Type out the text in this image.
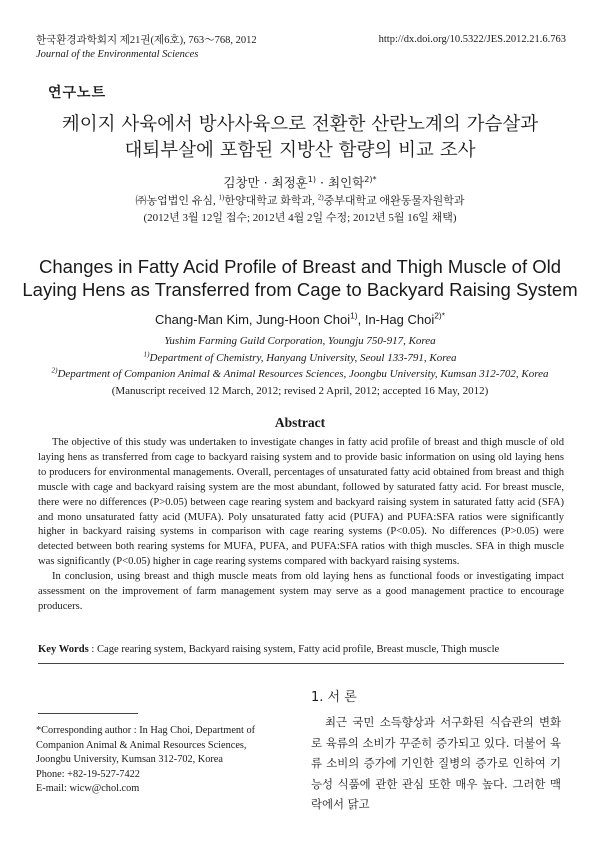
한국환경과학회지 제21권(제6호), 763～768, 2012
Journal of the Environmental Sciences
http://dx.doi.org/10.5322/JES.2012.21.6.763
연구노트
케이지 사육에서 방사사육으로 전환한 산란노계의 가슴살과
대퇴부살에 포함된 지방산 함량의 비교 조사
김창만 · 최정훈$^{1)}$ · 최인학$^{2)*}$
㈜농업법인 유심, $^{1)}$한양대학교 화학과, $^{2)}$중부대학교 애완동물자원학과
(2012년 3월 12일 접수; 2012년 4월 2일 수정; 2012년 5월 16일 채택)
Changes in Fatty Acid Profile of Breast and Thigh Muscle of Old
Laying Hens as Transferred from Cage to Backyard Raising System
Chang-Man Kim, Jung-Hoon Choi$^{1)}$, In-Hag Choi$^{2)*}$
Yushim Farming Guild Corporation, Youngju 750-917, Korea
$^{1)}$Department of Chemistry, Hanyang University, Seoul 133-791, Korea
$^{2)}$Department of Companion Animal & Animal Resources Sciences, Joongbu University, Kumsan 312-702, Korea
(Manuscript received 12 March, 2012; revised 2 April, 2012; accepted 16 May, 2012)
Abstract

The objective of this study was undertaken to investigate changes in fatty acid profile of breast and thigh muscle of old laying hens as transferred from cage to backyard raising system and to provide basic information on using old laying hens to producers for environmental managements. Overall, percentages of unsaturated fatty acid obtained from breast and thigh muscle with cage and backyard raising system are the most abundant, followed by saturated fatty acid. For breast muscle, there were no differences (P>0.05) between cage rearing system and backyard raising system in saturated fatty acid (SFA) and mono unsaturated fatty acid (MUFA). Poly unsaturated fatty acid (PUFA) and PUFA:SFA ratios were significantly higher in backyard raising systems in comparison with cage rearing systems (P<0.05). No differences (P>0.05) were detected between both rearing systems for MUFA, PUFA, and PUFA:SFA ratios with thigh muscles. SFA in thigh muscle was significantly (P<0.05) higher in cage rearing systems compared with backyard raising systems.

In conclusion, using breast and thigh muscle meats from old laying hens as functional foods or investigating impact assessment on the improvement of farm management system may serve as a good management practice to encourage producers.

Key Words : Cage rearing system, Backyard raising system, Fatty acid profile, Breast muscle, Thigh muscle
1. 서 론

최근 국민 소득향상과 서구화된 식습관의 변화로 육류의 소비가 꾸준히 증가되고 있다. 더불어 육류 소비의 증가에 기인한 질병의 증가로 인하여 기능성 식품에 관한 관심 또한 매우 높다. 그러한 맥락에서 닭고

*Corresponding author : In Hag Choi, Department of Companion Animal & Animal Resources Sciences, Joongbu University, Kumsan 312-702, Korea
Phone: +82-19-527-7422
E-mail: wicw@chol.com
